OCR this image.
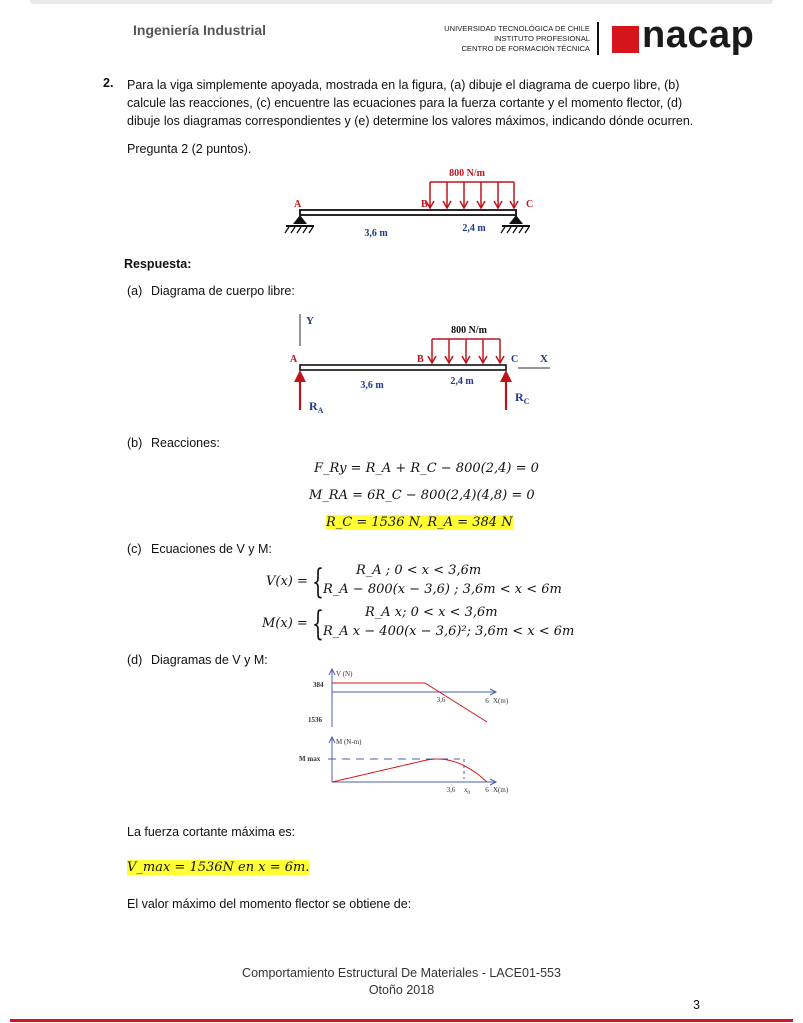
Ingeniería Industrial	UNIVERSIDAD TECNOLÓGICA DE CHILE
INSTITUTO PROFESIONAL
CENTRO DE FORMACIÓN TÉCNICA nacap
2. Para la viga simplemente apoyada, mostrada en la figura, (a) dibuje el diagrama de cuerpo libre, (b) calcule las reacciones, (c) encuentre las ecuaciones para la fuerza cortante y el momento flector, (d) dibuje los diagramas correspondientes y (e) determine los valores máximos, indicando dónde ocurren.
Pregunta 2 (2 puntos).
800 N/m
A	B	C
3,6 m	2,4 m
Respuesta:
(a) Diagrama de cuerpo libre:
Y
800 N/m
A	B	C X
3,6 m	2,4 m
$R_A$
$R_C$
(b) Reacciones:
F_Ry = R_A + R_C − 800(2,4) = 0
M_RA = 6R_C − 800(2,4)(4,8) = 0
R_C = 1536 N, R_A = 384 N
(c) Ecuaciones de V y M:
V(x) = { R_A ; 0 < x < 3,6m
R_A − 800(x − 3,6) ; 3,6m < x < 6m
M(x) = {	R_A x; 0 < x < 3,6m
R_A x − 400(x − 3,6)²; 3,6m < x < 6m
(d) Diagramas de V y M:
V (N)
384
1536
3,6	6 X(m)
M (N-m)
M max
3,6 $x_0$ 6 X(m)
La fuerza cortante máxima es:
V_max = 1536N en x = 6m.
El valor máximo del momento flector se obtiene de:
Comportamiento Estructural De Materiales - LACE01-553
Otoño 2018
3
